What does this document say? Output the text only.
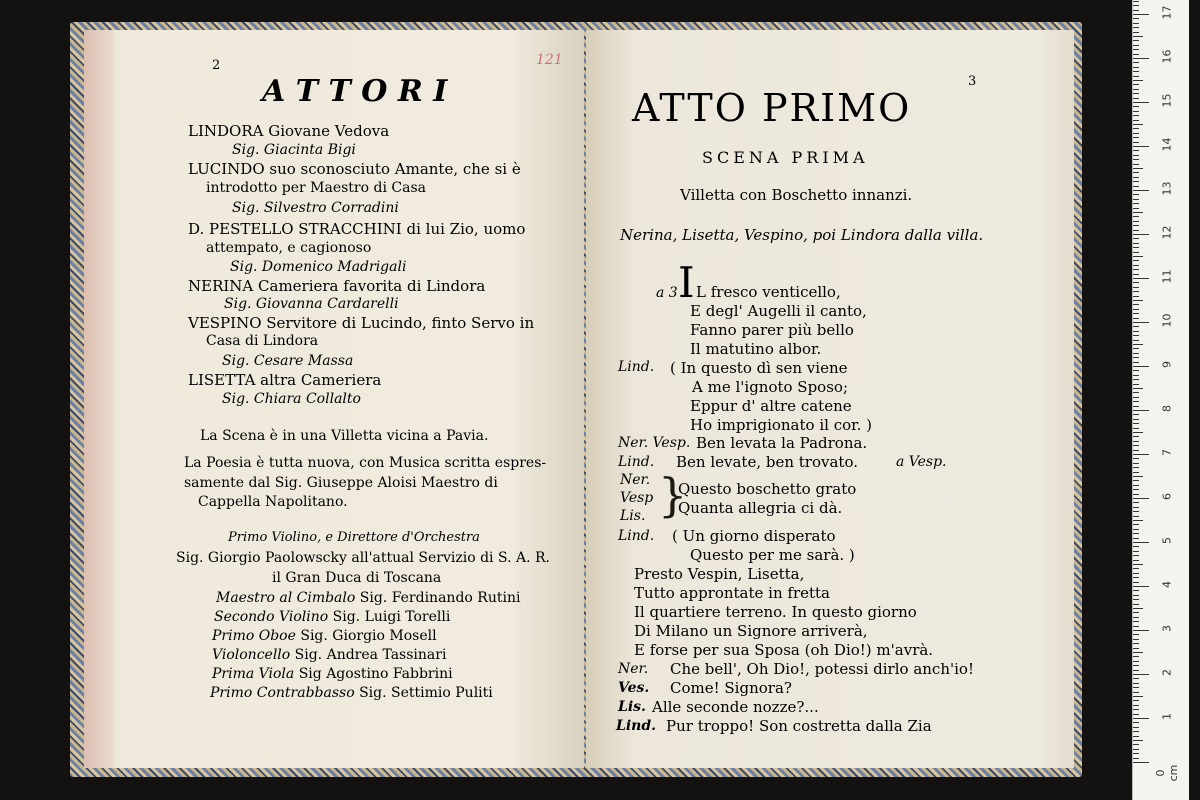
2	121
A T T O R I
LINDORA Giovane Vedova
Sig. Giacinta Bigi
LUCINDO suo sconosciuto Amante, che si è
introdotto per Maestro di Casa
Sig. Silvestro Corradini
D. PESTELLO STRACCHINI di lui Zio, uomo
attempato, e cagionoso
Sig. Domenico Madrigali
NERINA Cameriera favorita di Lindora
Sig. Giovanna Cardarelli
VESPINO Servitore di Lucindo, finto Servo in
Casa di Lindora
Sig. Cesare Massa
LISETTA altra Cameriera
Sig. Chiara Collalto
La Scena è in una Villetta vicina a Pavia.
La Poesia è tutta nuova, con Musica scritta espres-
samente dal Sig. Giuseppe Aloisi Maestro di
Cappella Napolitano.
Primo Violino, e Direttore d'Orchestra
Sig. Giorgio Paolowscky all'attual Servizio di S. A. R.
il Gran Duca di Toscana
Maestro al Cimbalo Sig. Ferdinando Rutini
Secondo Violino Sig. Luigi Torelli
Primo Oboe Sig. Giorgio Mosell
Violoncello Sig. Andrea Tassinari
Prima Viola Sig Agostino Fabbrini
Primo Contrabbasso Sig. Settimio Puliti
3
ATTO PRIMO
SCENA PRIMA
Villetta con Boschetto innanzi.
Nerina, Lisetta, Vespino, poi Lindora dalla villa.
a 3 I L fresco venticello,
E degl' Augelli il canto,
Fanno parer più bello
Il matutino albor.
Lind. ( In questo dì sen viene
A me l'ignoto Sposo;
Eppur d' altre catene
Ho imprigionato il cor. )
Ner. Vesp. Ben levata la Padrona.
Lind. Ben levate, ben trovato.	a Vesp.
Ner.
Vesp
Lis. }
Questo boschetto grato
Quanta allegria ci dà.
Lind. ( Un giorno disperato
Questo per me sarà. )
Presto Vespin, Lisetta,
Tutto approntate in fretta
Il quartiere terreno. In questo giorno
Di Milano un Signore arriverà,
E forse per sua Sposa (oh Dio!) m'avrà.
Ner. Che bell', Oh Dio!, potessi dirlo anch'io!
Ves. Come! Signora?
Lis. Alle seconde nozze?...
Lind. Pur troppo! Son costretta dalla Zia
0 cm
1
2
3
4
5
6
7
8
9
10
11
12
13
14
15
16
17
